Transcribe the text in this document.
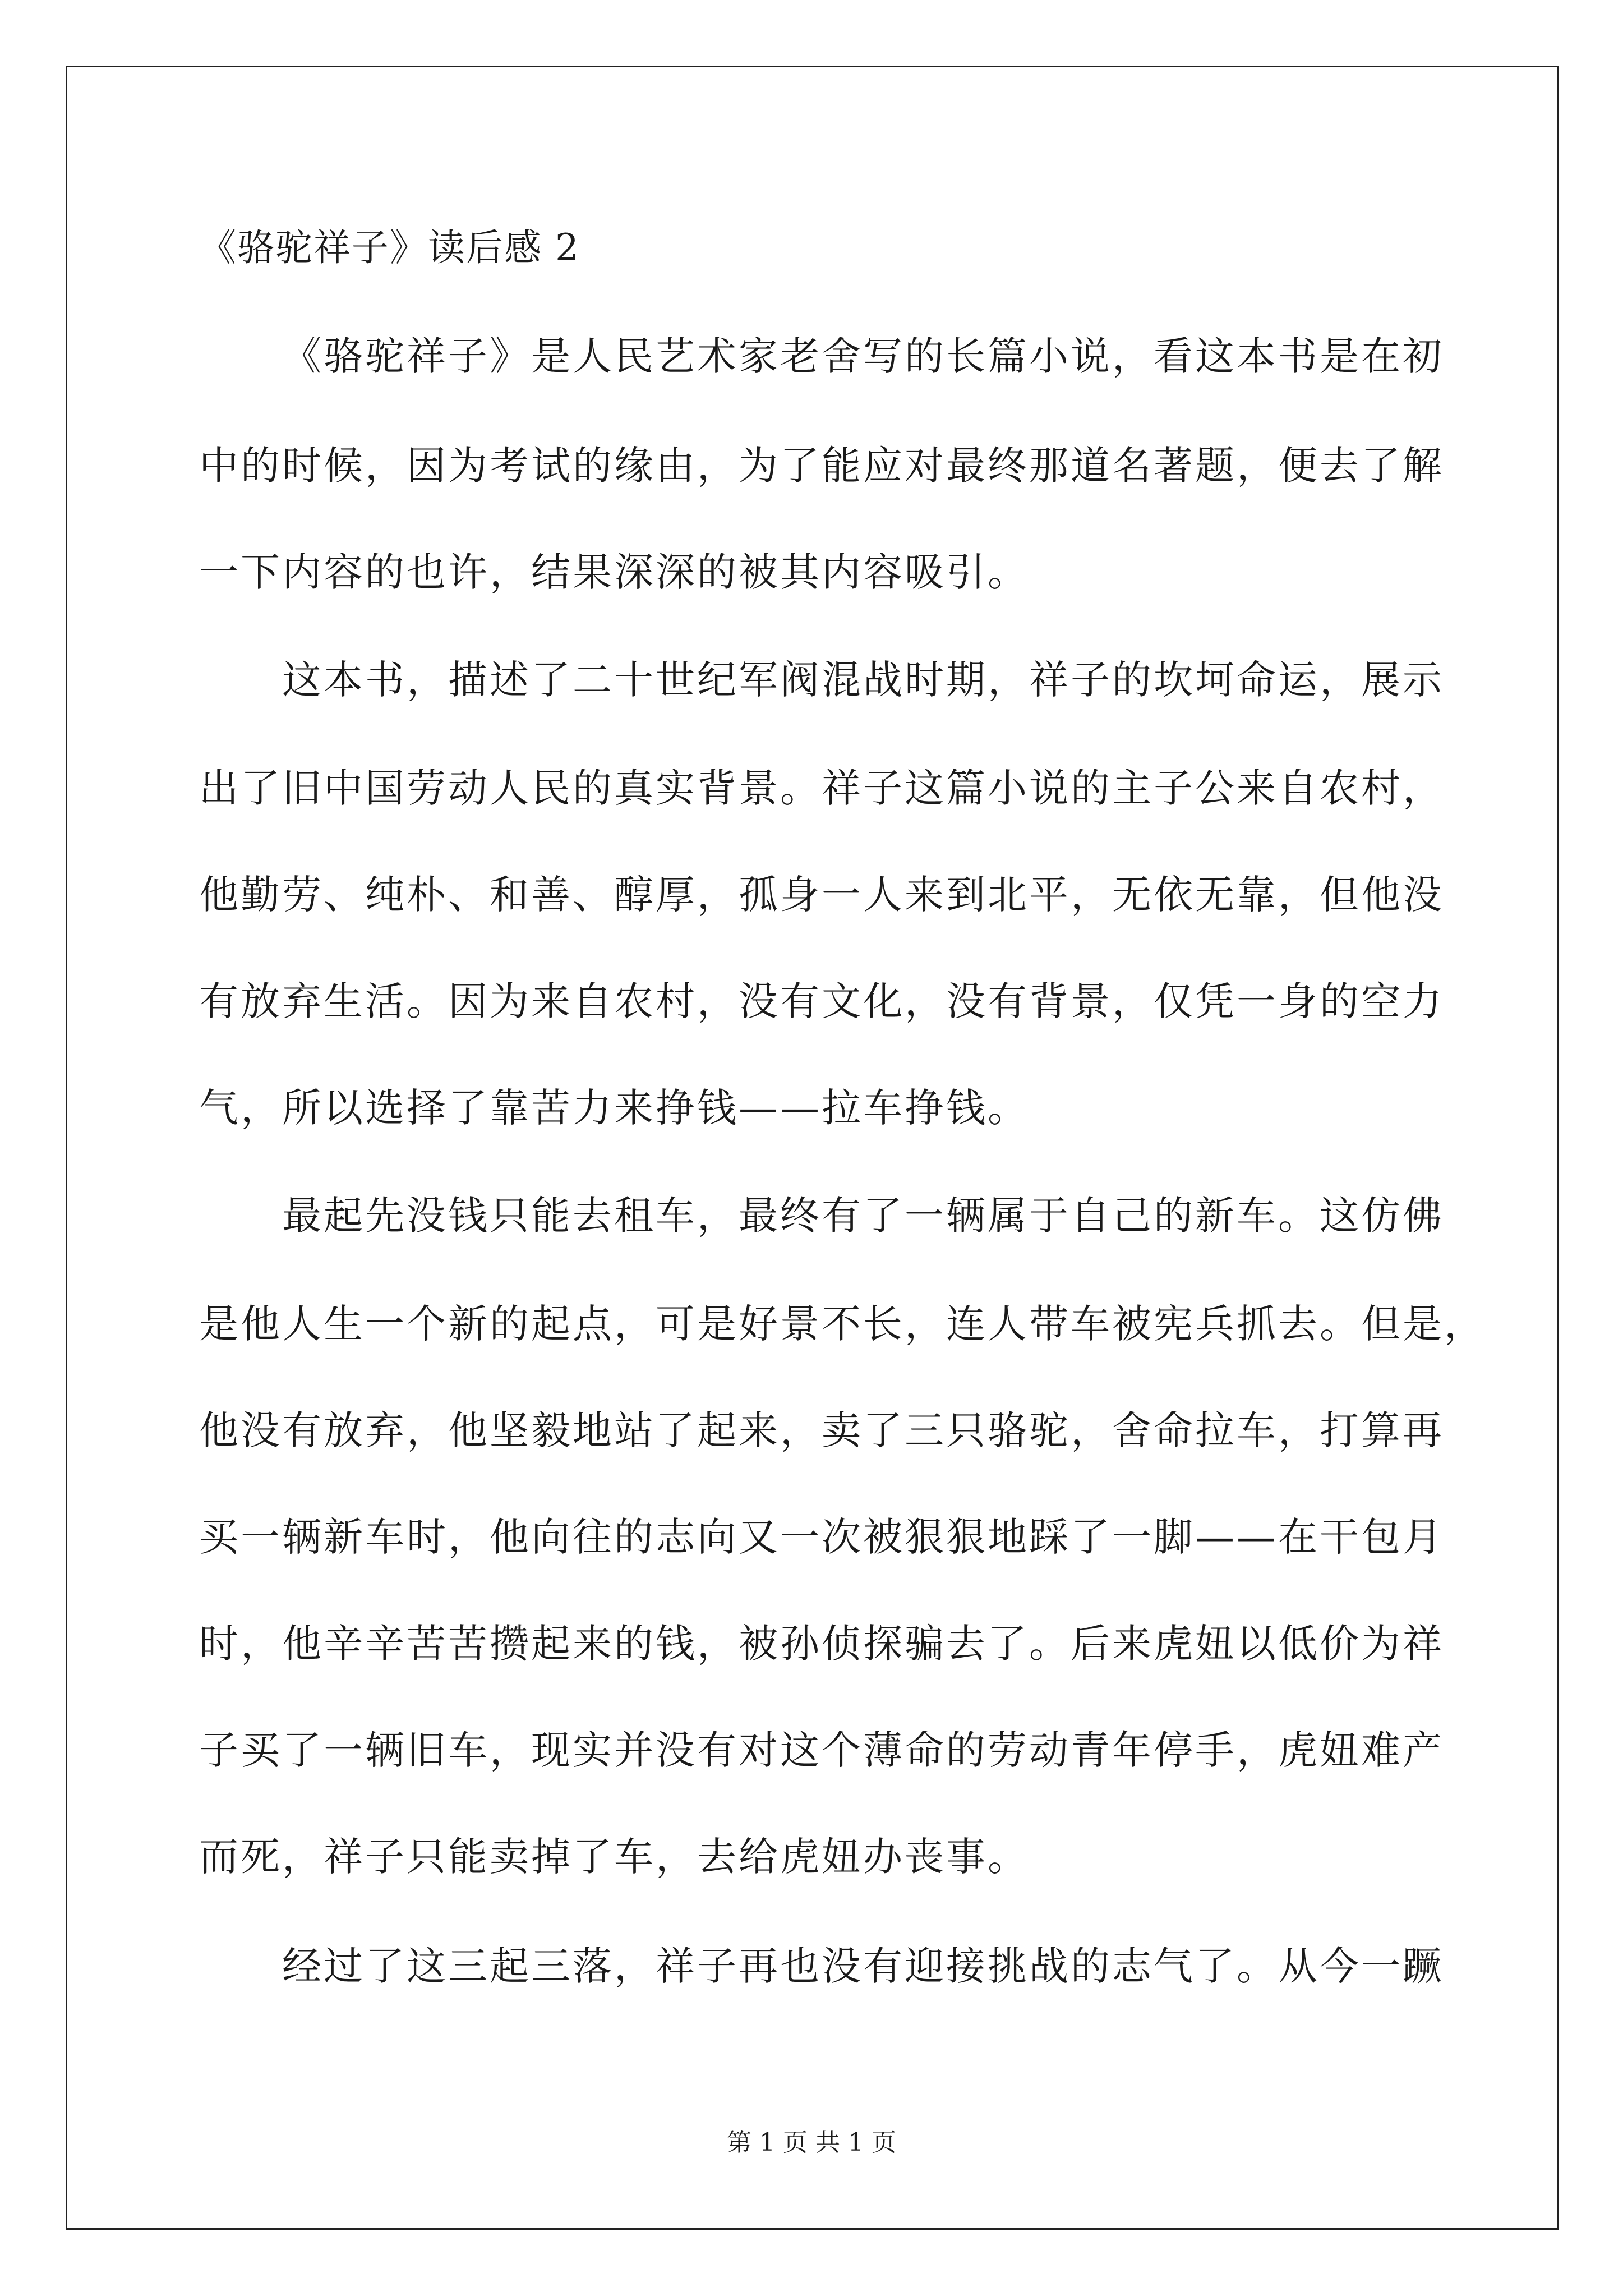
《骆驼祥子》读后感 2
《骆驼祥子》是人民艺术家老舍写的长篇小说，看这本书是在初
中的时候，因为考试的缘由，为了能应对最终那道名著题，便去了解
一下内容的也许，结果深深的被其内容吸引。
这本书，描述了二十世纪军阀混战时期，祥子的坎坷命运，展示
出了旧中国劳动人民的真实背景。祥子这篇小说的主子公来自农村，
他勤劳、纯朴、和善、醇厚，孤身一人来到北平，无依无靠，但他没
有放弃生活。因为来自农村，没有文化，没有背景，仅凭一身的空力
气，所以选择了靠苦力来挣钱——拉车挣钱。
最起先没钱只能去租车，最终有了一辆属于自己的新车。这仿佛
是他人生一个新的起点，可是好景不长，连人带车被宪兵抓去。但是，
他没有放弃，他坚毅地站了起来，卖了三只骆驼，舍命拉车，打算再
买一辆新车时，他向往的志向又一次被狠狠地踩了一脚——在干包月
时，他辛辛苦苦攒起来的钱，被孙侦探骗去了。后来虎妞以低价为祥
子买了一辆旧车，现实并没有对这个薄命的劳动青年停手，虎妞难产
而死，祥子只能卖掉了车，去给虎妞办丧事。
经过了这三起三落，祥子再也没有迎接挑战的志气了。从今一蹶
第 1 页 共 1 页
